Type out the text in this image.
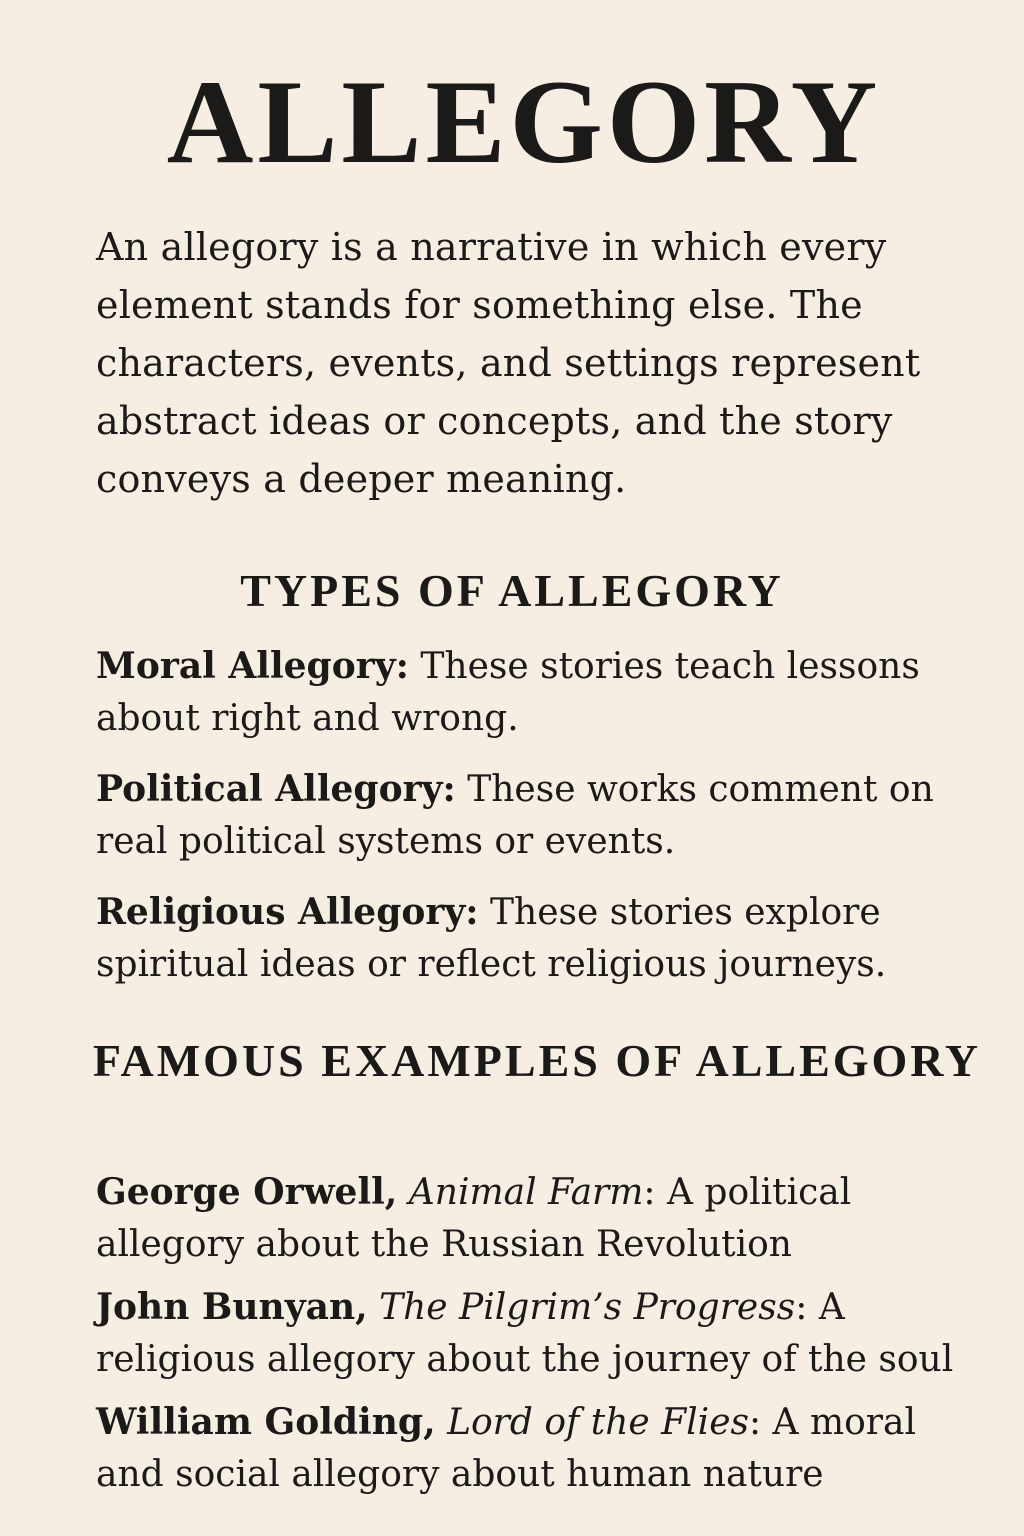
ALLEGORY

An allegory is a narrative in which every element stands for something else. The characters, events, and settings represent abstract ideas or concepts, and the story conveys a deeper meaning.

TYPES OF ALLEGORY
Moral Allegory: These stories teach lessons about right and wrong.
Political Allegory: These works comment on real political systems or events.
Religious Allegory: These stories explore spiritual ideas or reflect religious journeys.
FAMOUS EXAMPLES OF ALLEGORY
George Orwell, Animal Farm: A political allegory about the Russian Revolution
John Bunyan, The Pilgrim’s Progress: A religious allegory about the journey of the soul
William Golding, Lord of the Flies: A moral and social allegory about human nature
